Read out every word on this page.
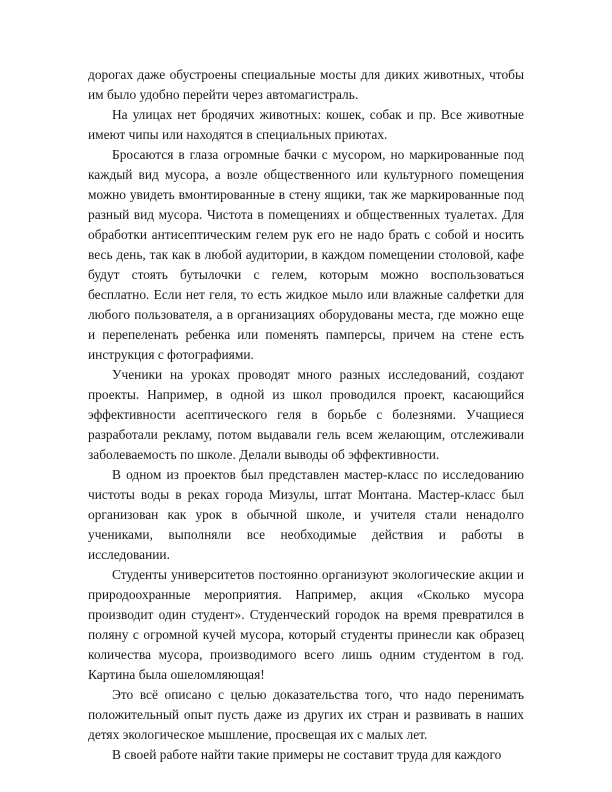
дорогах даже обустроены специальные мосты для диких животных, чтобы им было удобно перейти через автомагистраль.

На улицах нет бродячих животных: кошек, собак и пр. Все животные имеют чипы или находятся в специальных приютах.

Бросаются в глаза огромные бачки с мусором, но маркированные под каждый вид мусора, а возле общественного или культурного помещения можно увидеть вмонтированные в стену ящики, так же маркированные под разный вид мусора. Чистота в помещениях и общественных туалетах. Для обработки антисептическим гелем рук его не надо брать с собой и носить весь день, так как в любой аудитории, в каждом помещении столовой, кафе будут стоять бутылочки с гелем, которым можно воспользоваться бесплатно. Если нет геля, то есть жидкое мыло или влажные салфетки для любого пользователя, а в организациях оборудованы места, где можно еще и перепеленать ребенка или поменять памперсы, причем на стене есть инструкция с фотографиями.

Ученики на уроках проводят много разных исследований, создают проекты. Например, в одной из школ проводился проект, касающийся эффективности асептического геля в борьбе с болезнями. Учащиеся разработали рекламу, потом выдавали гель всем желающим, отслеживали заболеваемость по школе. Делали выводы об эффективности.

В одном из проектов был представлен мастер-класс по исследованию чистоты воды в реках города Мизулы, штат Монтана. Мастер-класс был организован как урок в обычной школе, и учителя стали ненадолго учениками, выполняли все необходимые действия и работы в исследовании.

Студенты университетов постоянно организуют экологические акции и природоохранные мероприятия. Например, акция «Сколько мусора производит один студент». Студенческий городок на время превратился в поляну с огромной кучей мусора, который студенты принесли как образец количества мусора, производимого всего лишь одним студентом в год. Картина была ошеломляющая!

Это всё описано с целью доказательства того, что надо перенимать положительный опыт пусть даже из других их стран и развивать в наших детях экологическое мышление, просвещая их с малых лет.

В своей работе найти такие примеры не составит труда для каждого
